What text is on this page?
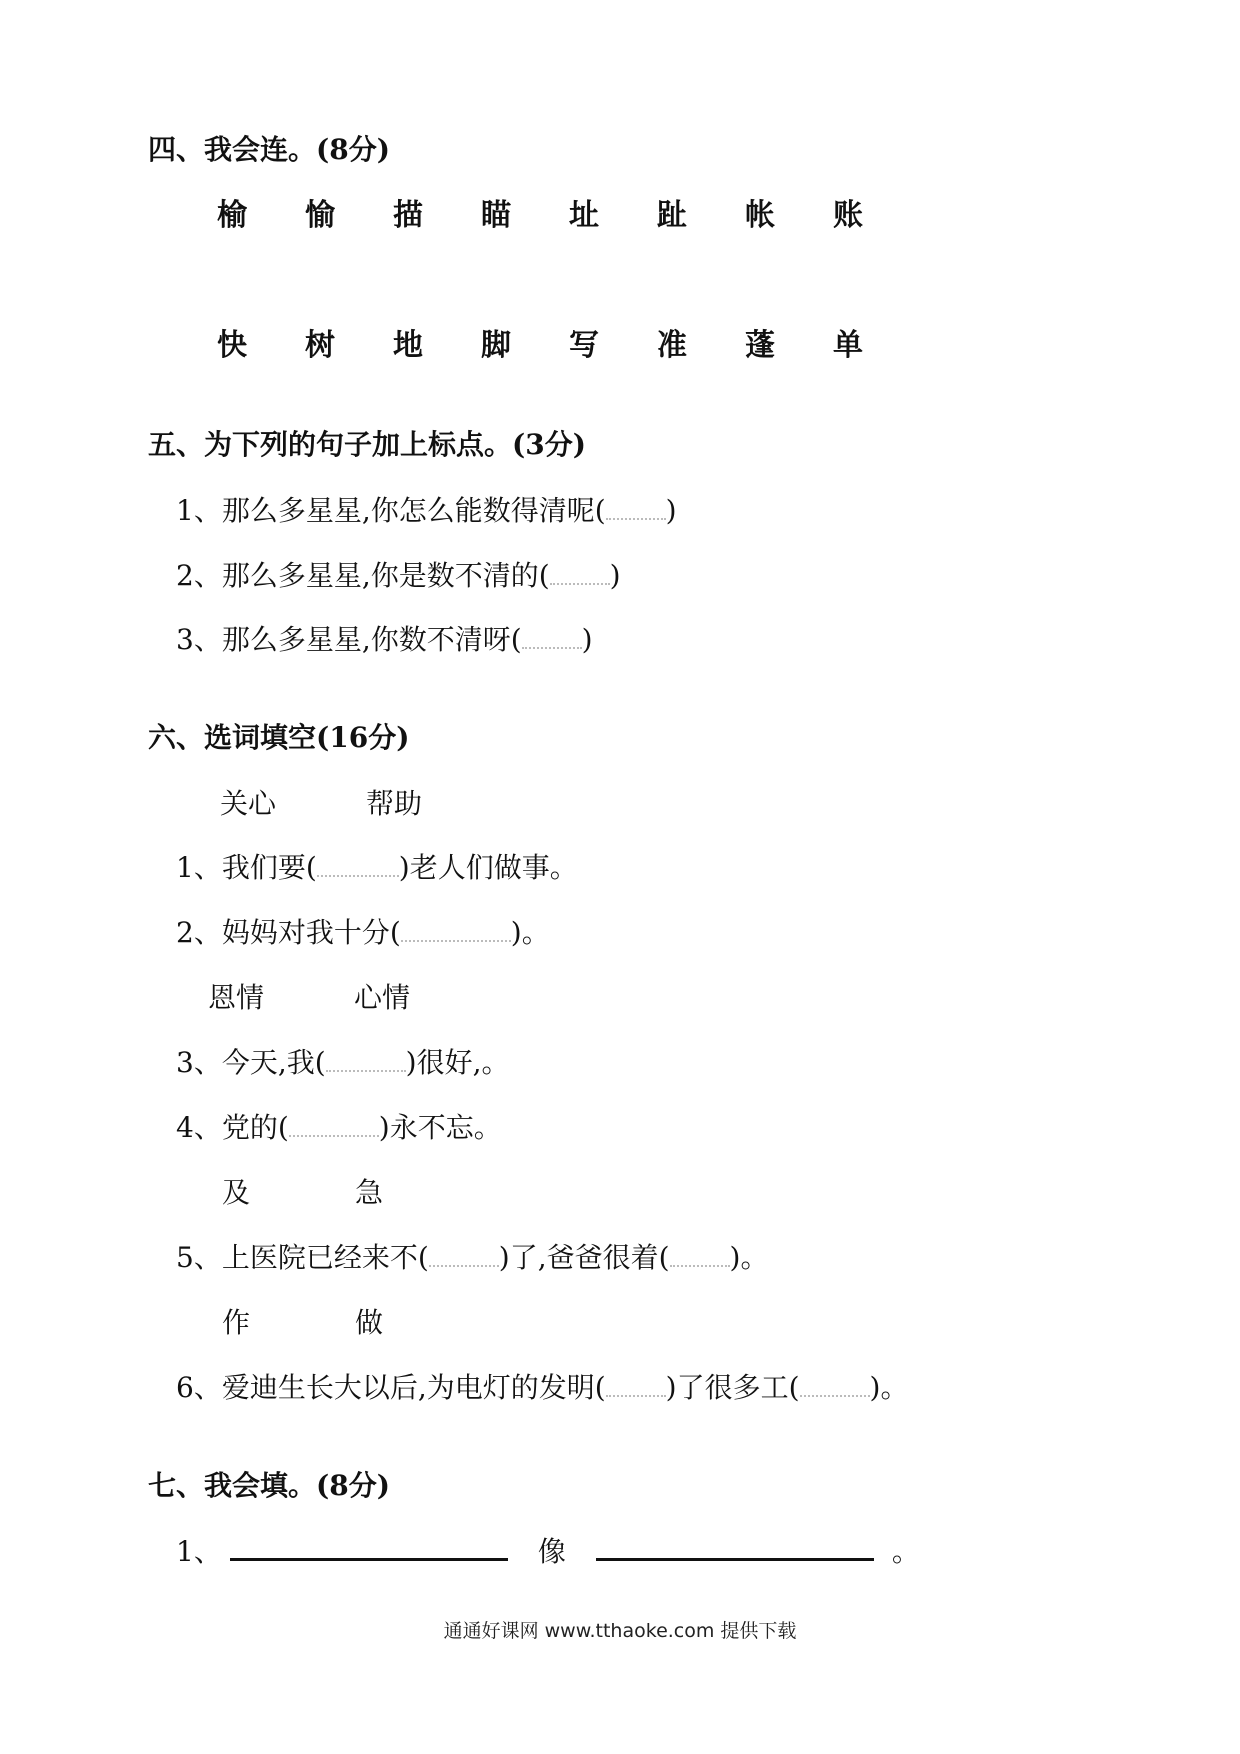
四、我会连。(8分)
榆 愉 描 瞄 址 趾 帐 账
快 树 地 脚 写 准 蓬 单
五、为下列的句子加上标点。(3分)
1、那么多星星,你怎么能数得清呢( )
2、那么多星星,你是数不清的( )
3、那么多星星,你数不清呀( )
六、选词填空(16分)
关心	帮助
1、我们要(	)老人们做事。
2、妈妈对我十分(	)。
恩情	心情
3、今天,我(	)很好,。
4、党的(	)永不忘。
及	急
5、上医院已经来不(	)了,爸爸很着( )。
作	做
6、爱迪生长大以后,为电灯的发明( )了很多工(	)。
七、我会填。(8分)
1、	像	。
通通好课网 www.tthaoke.com 提供下载
